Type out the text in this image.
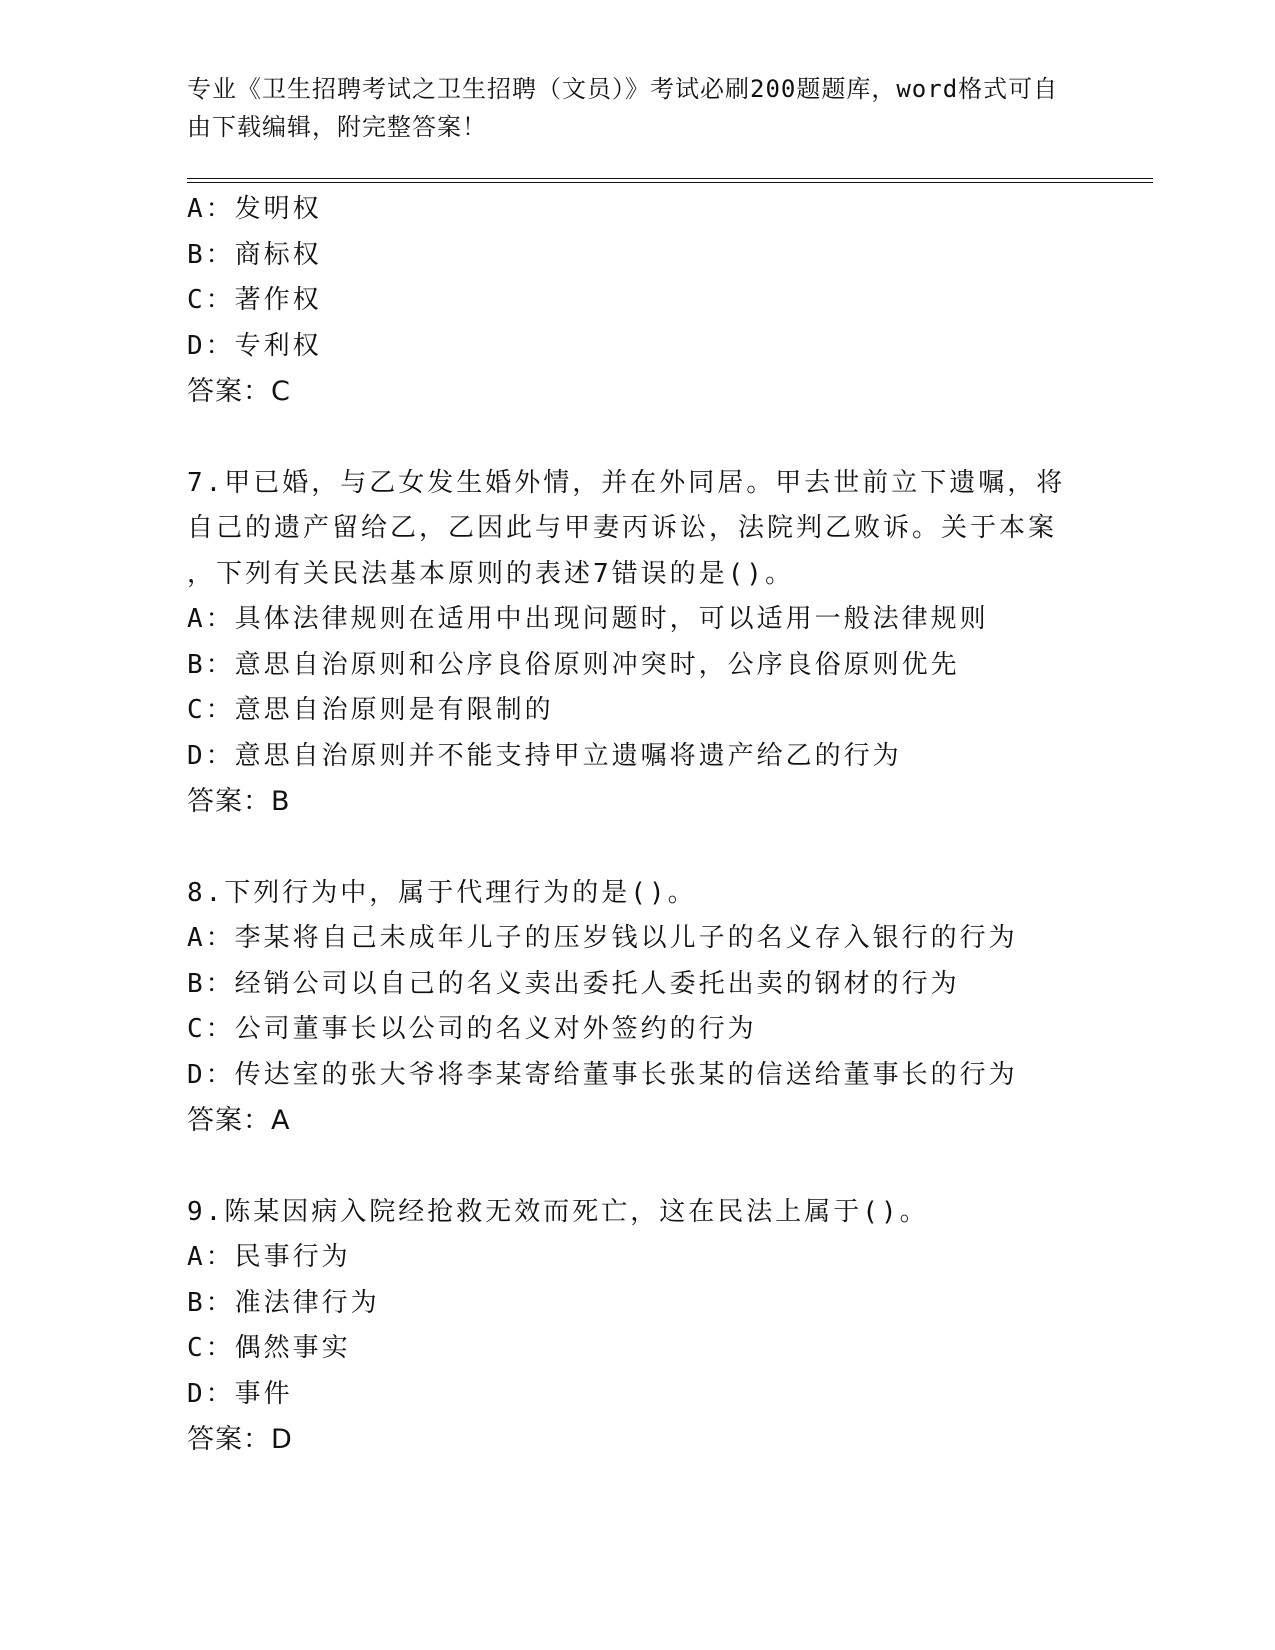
专业《卫生招聘考试之卫生招聘（文员）》考试必刷200题题库，word格式可自
由下载编辑，附完整答案！
A：发明权
B：商标权
C：著作权
D：专利权
答案：C
7.甲已婚，与乙女发生婚外情，并在外同居。甲去世前立下遗嘱，将
自己的遗产留给乙，乙因此与甲妻丙诉讼，法院判乙败诉。关于本案
，下列有关民法基本原则的表述7错误的是()。
A：具体法律规则在适用中出现问题时，可以适用一般法律规则
B：意思自治原则和公序良俗原则冲突时，公序良俗原则优先
C：意思自治原则是有限制的
D：意思自治原则并不能支持甲立遗嘱将遗产给乙的行为
答案：B
8.下列行为中，属于代理行为的是()。
A：李某将自己未成年儿子的压岁钱以儿子的名义存入银行的行为
B：经销公司以自己的名义卖出委托人委托出卖的钢材的行为
C：公司董事长以公司的名义对外签约的行为
D：传达室的张大爷将李某寄给董事长张某的信送给董事长的行为
答案：A
9.陈某因病入院经抢救无效而死亡，这在民法上属于()。
A：民事行为
B：准法律行为
C：偶然事实
D：事件
答案：D
